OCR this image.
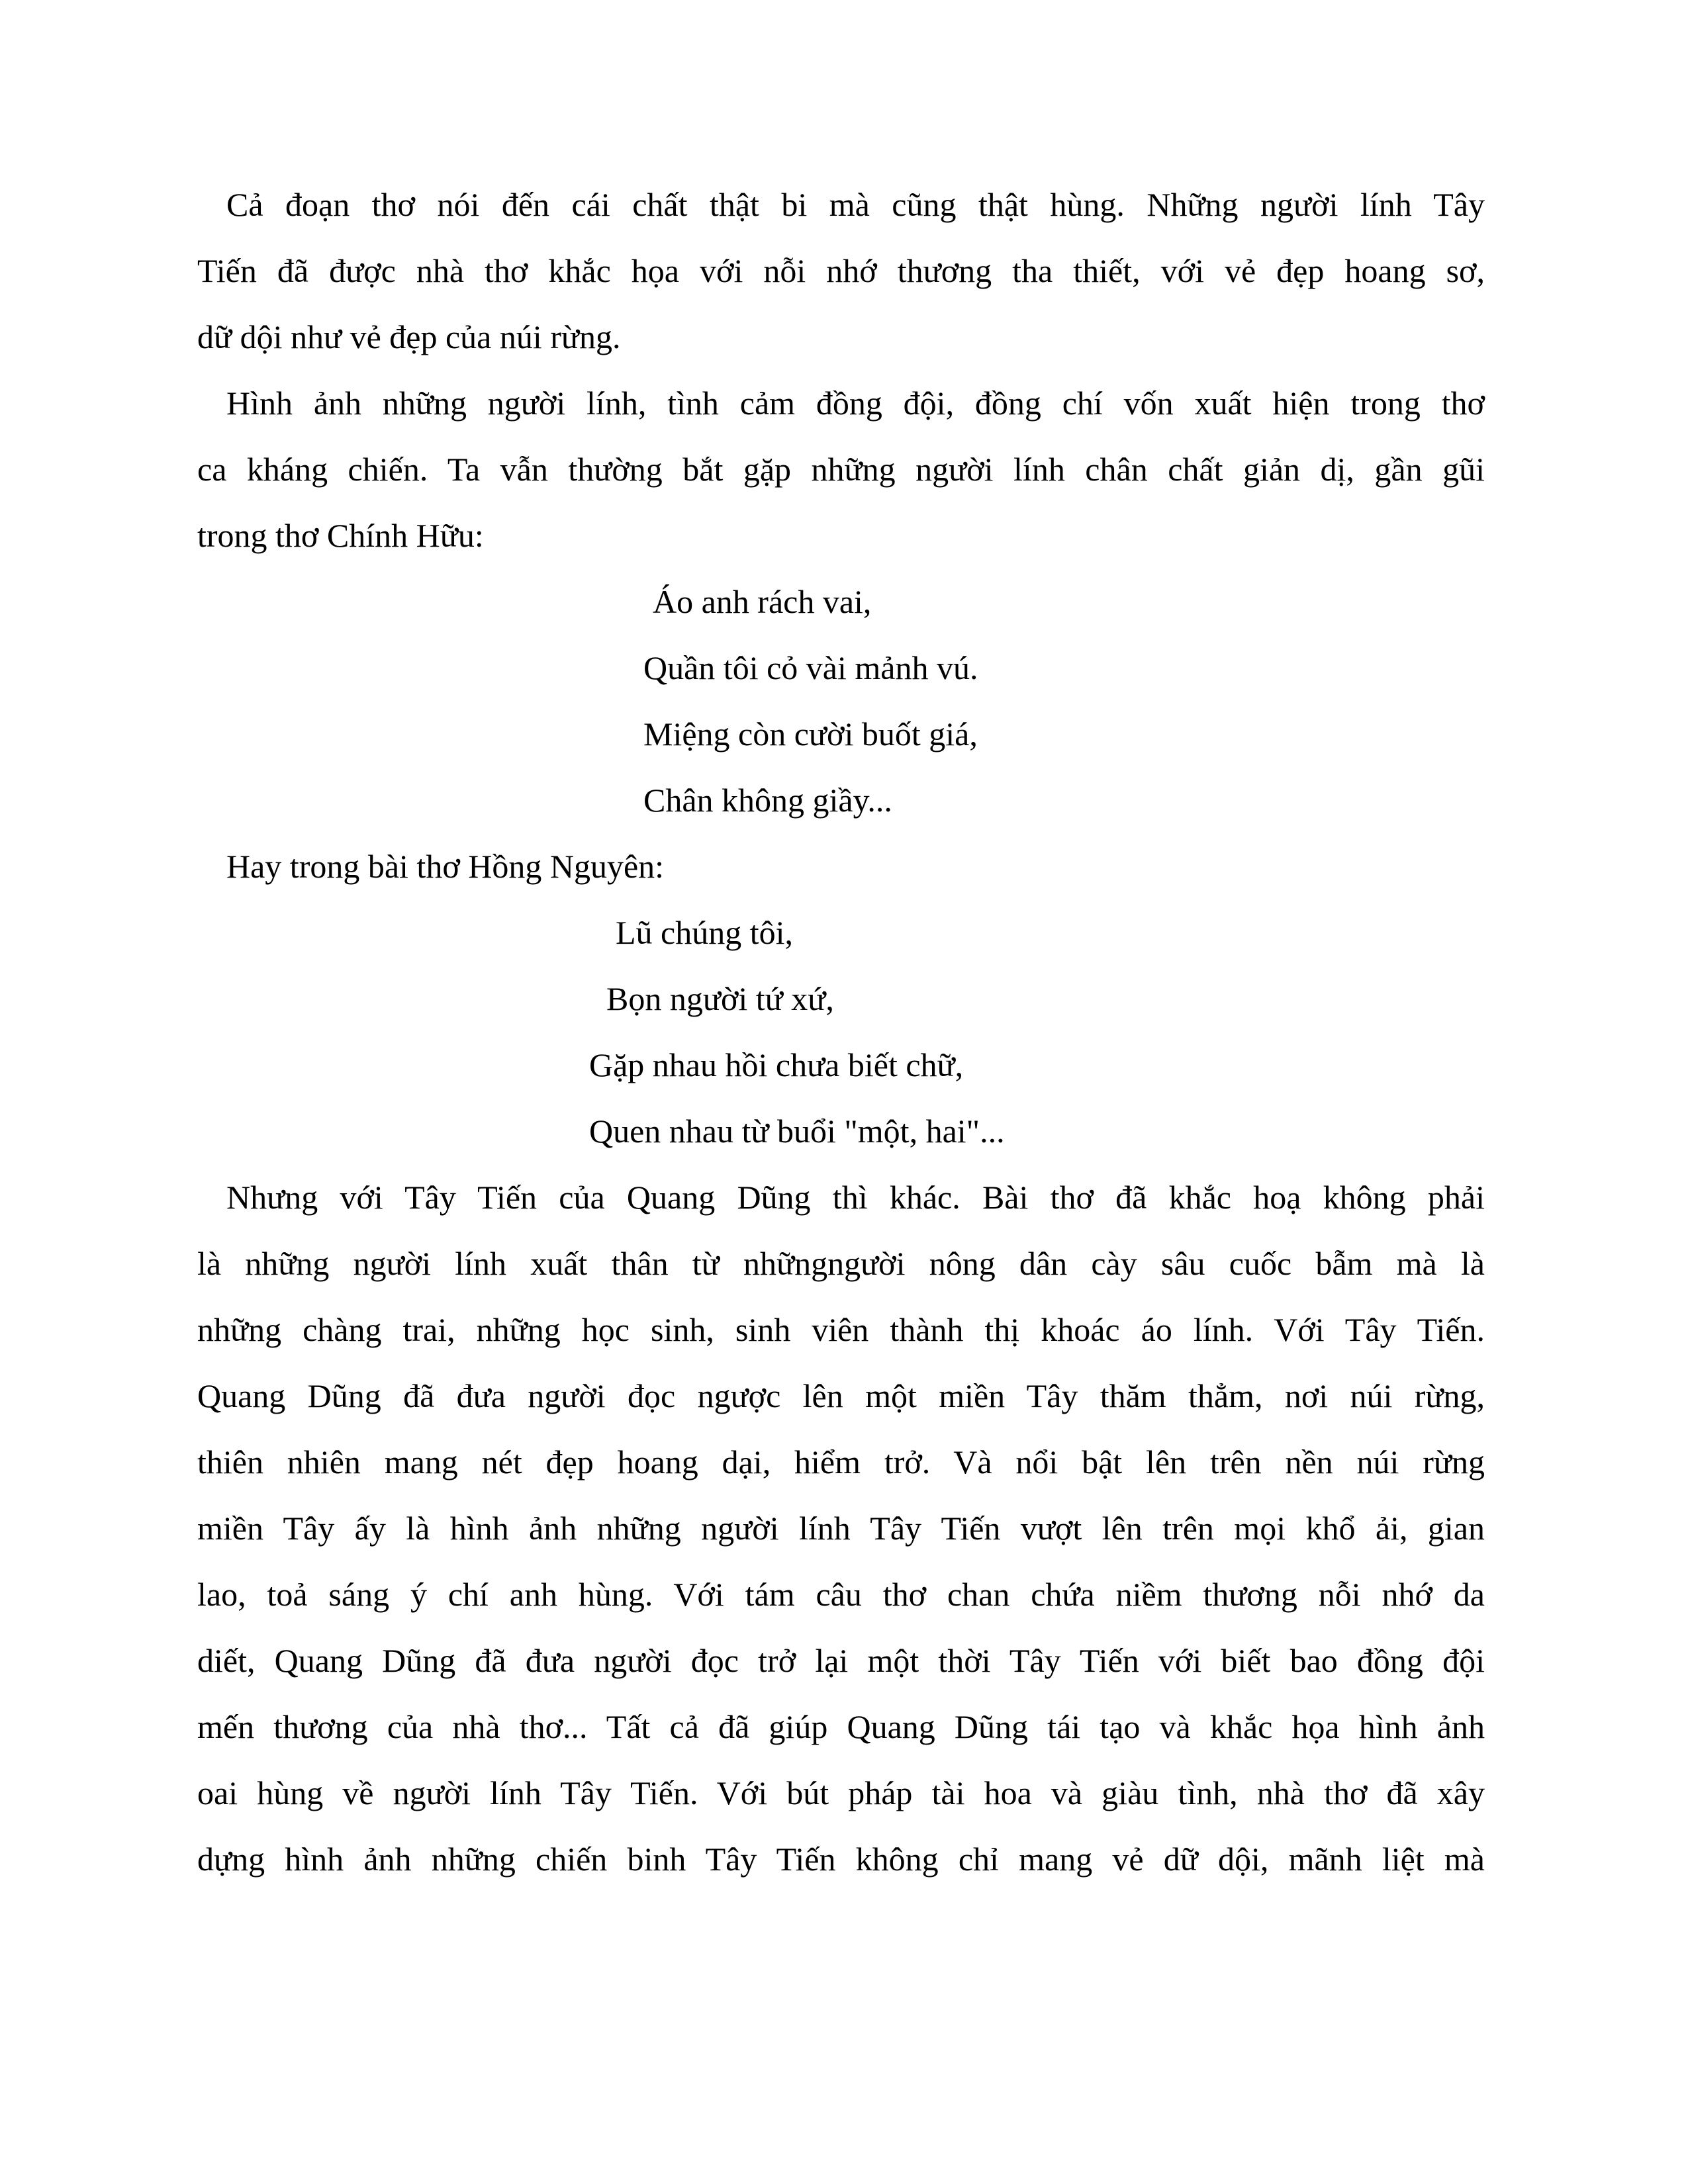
Cả đoạn thơ nói đến cái chất thật bi mà cũng thật hùng. Những người lính Tây

Tiến đã được nhà thơ khắc họa với nỗi nhớ thương tha thiết, với vẻ đẹp hoang sơ,

dữ dội như vẻ đẹp của núi rừng.

Hình ảnh những người lính, tình cảm đồng đội, đồng chí vốn xuất hiện trong thơ

ca kháng chiến. Ta vẫn thường bắt gặp những người lính chân chất giản dị, gần gũi

trong thơ Chính Hữu:

Áo anh rách vai,

Quần tôi cỏ vài mảnh vú.

Miệng còn cười buốt giá,

Chân không giầy...

Hay trong bài thơ Hồng Nguyên:

Lũ chúng tôi,

Bọn người tứ xứ,

Gặp nhau hồi chưa biết chữ,

Quen nhau từ buổi "một, hai"...

Nhưng với Tây Tiến của Quang Dũng thì khác. Bài thơ đã khắc hoạ không phải

là những người lính xuất thân từ nhữngngười nông dân cày sâu cuốc bẫm mà là

những chàng trai, những học sinh, sinh viên thành thị khoác áo lính. Với Tây Tiến.

Quang Dũng đã đưa người đọc ngược lên một miền Tây thăm thẳm, nơi núi rừng,

thiên nhiên mang nét đẹp hoang dại, hiểm trở. Và nổi bật lên trên nền núi rừng

miền Tây ấy là hình ảnh những người lính Tây Tiến vượt lên trên mọi khổ ải, gian

lao, toả sáng ý chí anh hùng. Với tám câu thơ chan chứa niềm thương nỗi nhớ da

diết, Quang Dũng đã đưa người đọc trở lại một thời Tây Tiến với biết bao đồng đội

mến thương của nhà thơ... Tất cả đã giúp Quang Dũng tái tạo và khắc họa hình ảnh

oai hùng về người lính Tây Tiến. Với bút pháp tài hoa và giàu tình, nhà thơ đã xây

dựng hình ảnh những chiến binh Tây Tiến không chỉ mang vẻ dữ dội, mãnh liệt mà
